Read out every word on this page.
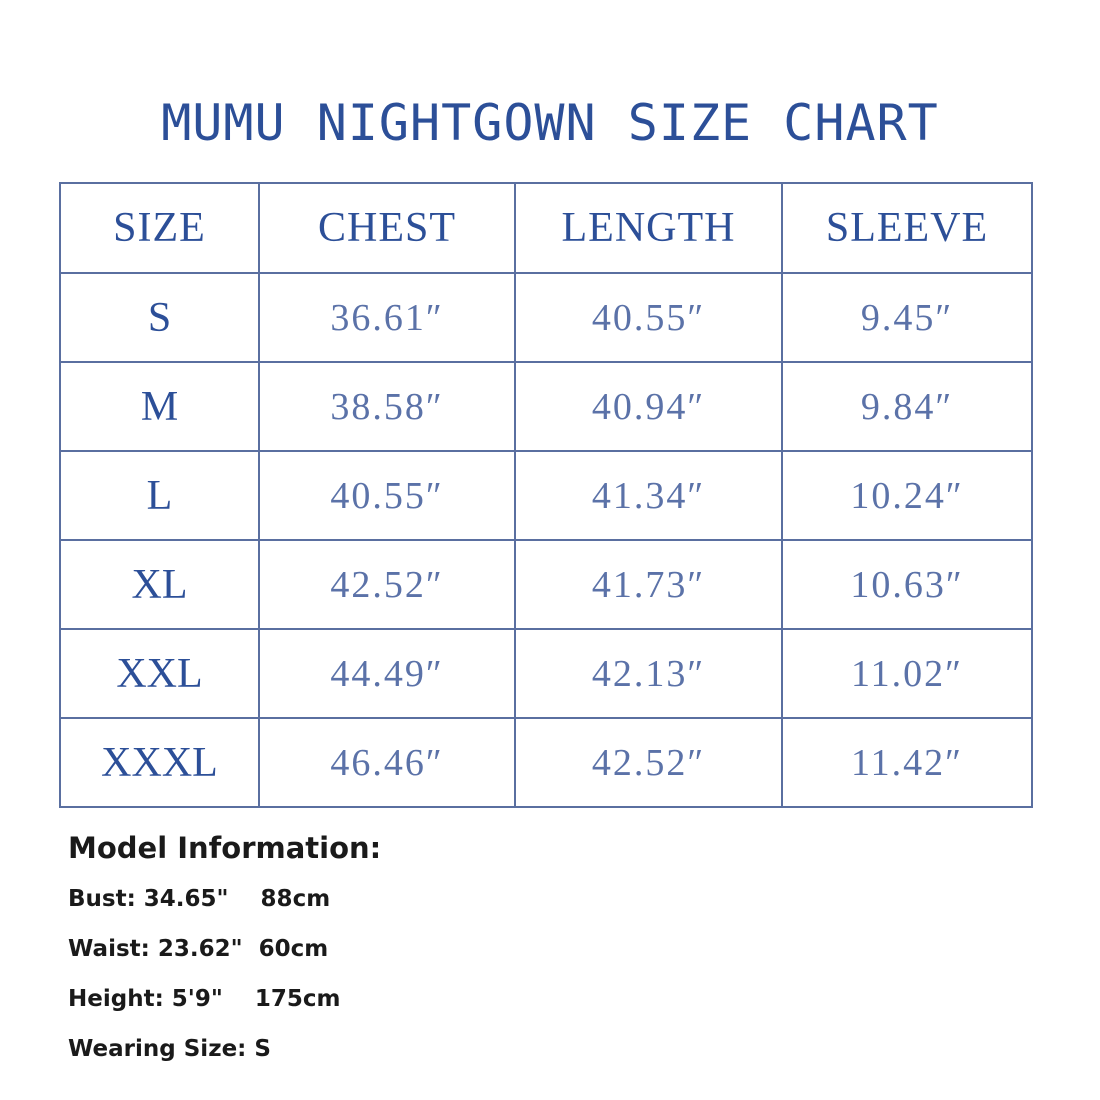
MUMU NIGHTGOWN SIZE CHART
SIZE	CHEST	LENGTH	SLEEVE
S	36.61″	40.55″	9.45″
M	38.58″	40.94″	9.84″
L	40.55″	41.34″	10.24″
XL	42.52″	41.73″	10.63″
XXL	44.49″	42.13″	11.02″
XXXL	46.46″	42.52″	11.42″
Model Information:
Bust: 34.65"    88cm
Waist: 23.62"  60cm
Height: 5'9"    175cm
Wearing Size: S
